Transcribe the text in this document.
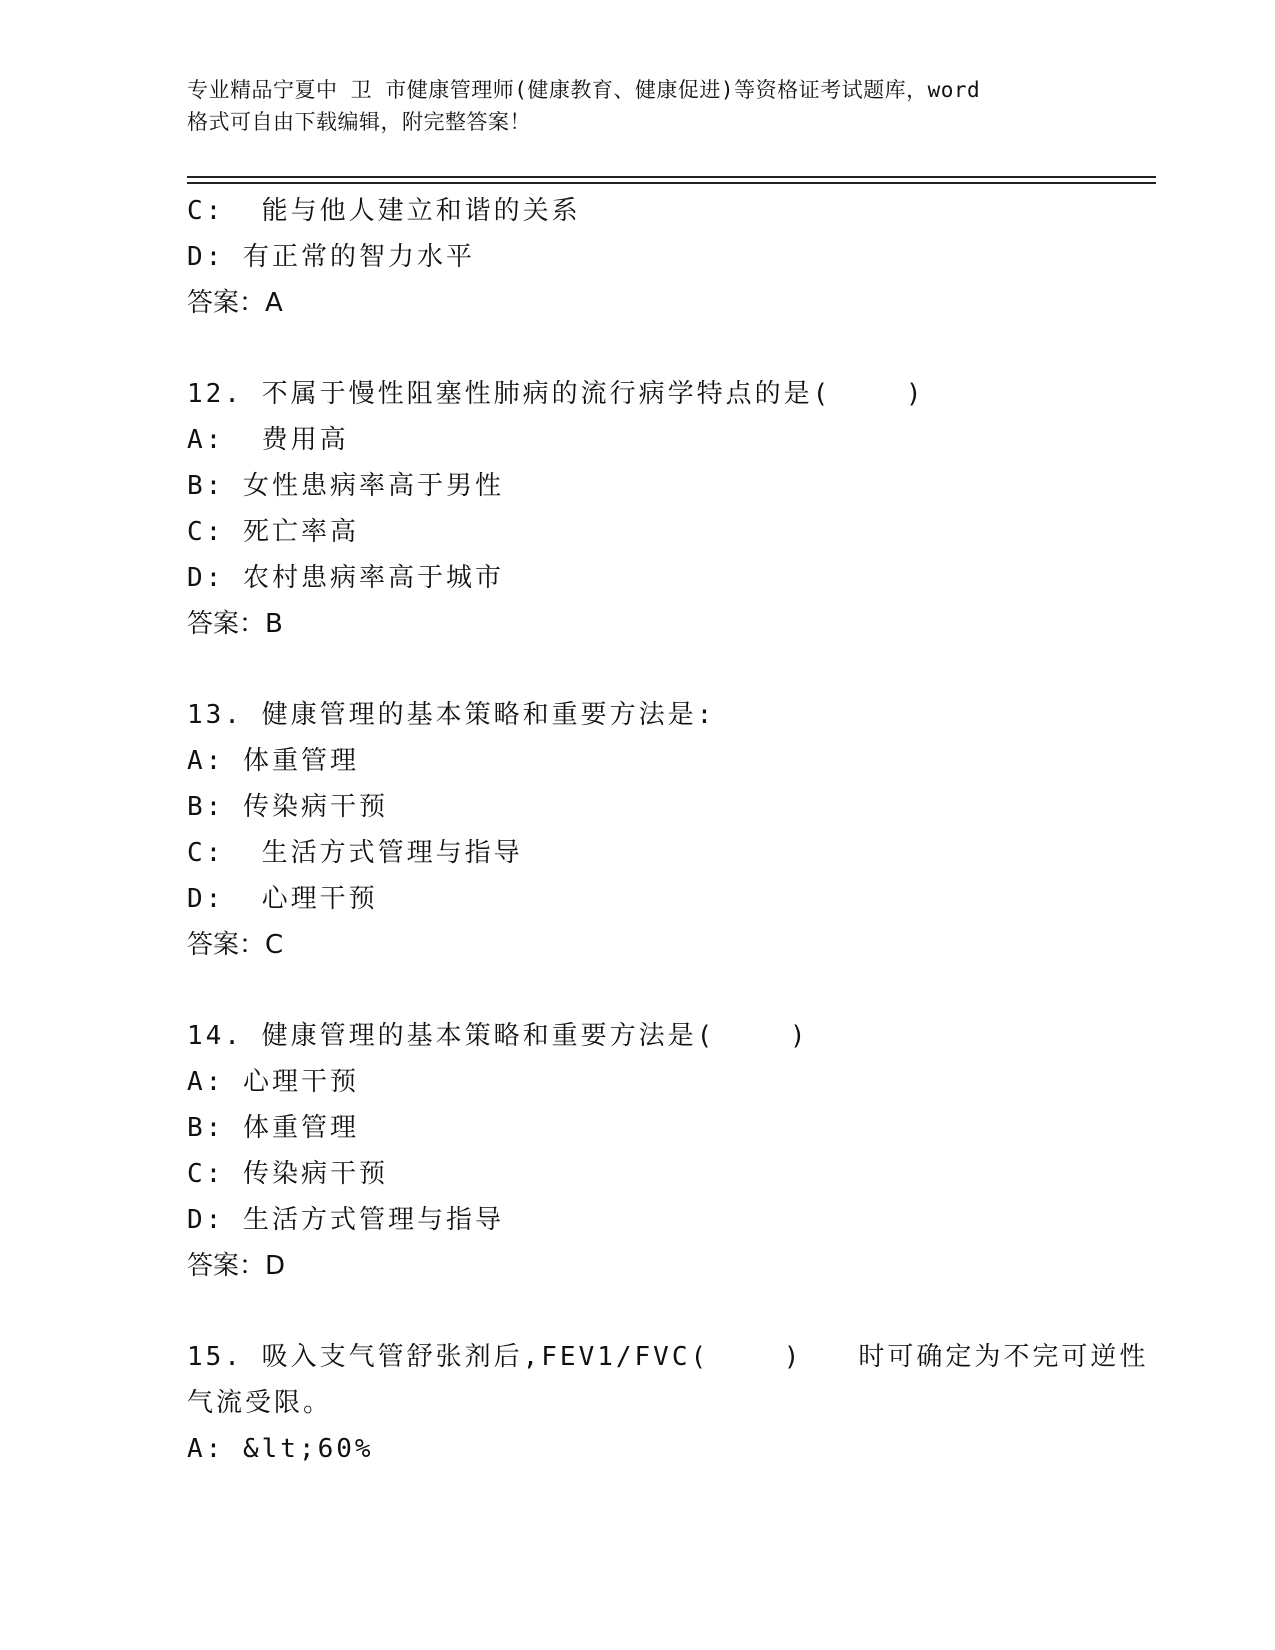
专业精品宁夏中 卫 市健康管理师(健康教育、健康促进)等资格证考试题库，word
格式可自由下载编辑，附完整答案！
C:  能与他人建立和谐的关系
D: 有正常的智力水平
答案：A
12. 不属于慢性阻塞性肺病的流行病学特点的是(    )
A:  费用高
B: 女性患病率高于男性
C: 死亡率高
D: 农村患病率高于城市
答案：B
13. 健康管理的基本策略和重要方法是:
A: 体重管理
B: 传染病干预
C:  生活方式管理与指导
D:  心理干预
答案：C
14. 健康管理的基本策略和重要方法是(    )
A: 心理干预
B: 体重管理
C: 传染病干预
D: 生活方式管理与指导
答案：D
15. 吸入支气管舒张剂后,FEV1/FVC(    )   时可确定为不完可逆性
气流受限。
A: &lt;60%
